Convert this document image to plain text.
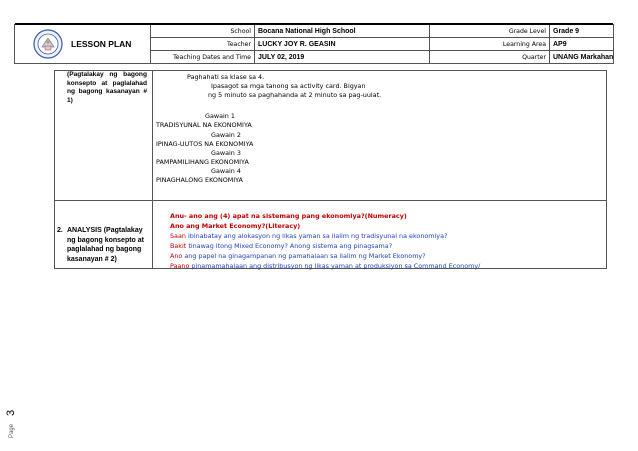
LESSON PLAN
School	Bocana National High School	Grade Level	Grade 9
Teacher	LUCKY JOY R. GEASIN	Learning Area	AP9
Teaching Dates and Time	JULY 02, 2019	Quarter	UNANG Markahan
(Pagtalakay ng bagong konsepto at paglalahad ng bagong kasanayan # 1)
Paghahati sa klase sa 4.
Ipasagot sa mga tanong sa activity card. Bigyan
ng 5 minuto sa paghahanda at 2 minuto sa pag-uulat.
Gawain 1
TRADISYUNAL NA EKONOMIYA
Gawain 2
IPINAG-UUTOS NA EKONOMIYA
Gawain 3
PAMPAMILIHANG EKONOMIYA
Gawain 4
PINAGHALONG EKONOMIYA
2. ANALYSIS (Pagtalakay ng bagong konsepto at paglalahad ng bagong kasanayan # 2)
Anu- ano ang (4) apat na sistemang pang ekonomiya?(Numeracy)
Ano ang Market Economy?(Literacy)
Saan ibinabatay ang alokasyon ng likas yaman sa ilalim ng tradisyunal na ekonomiya?
Bakit tinawag itong Mixed Economy? Anong sistema ang pinagsama?
Ano ang papel na ginagampanan ng pamahalaan sa ilalim ng Market Ekonomy?
Paano pinamamahalaan ang distribusyon ng likas yaman at produksiyon sa Command Economy/
Page
3
